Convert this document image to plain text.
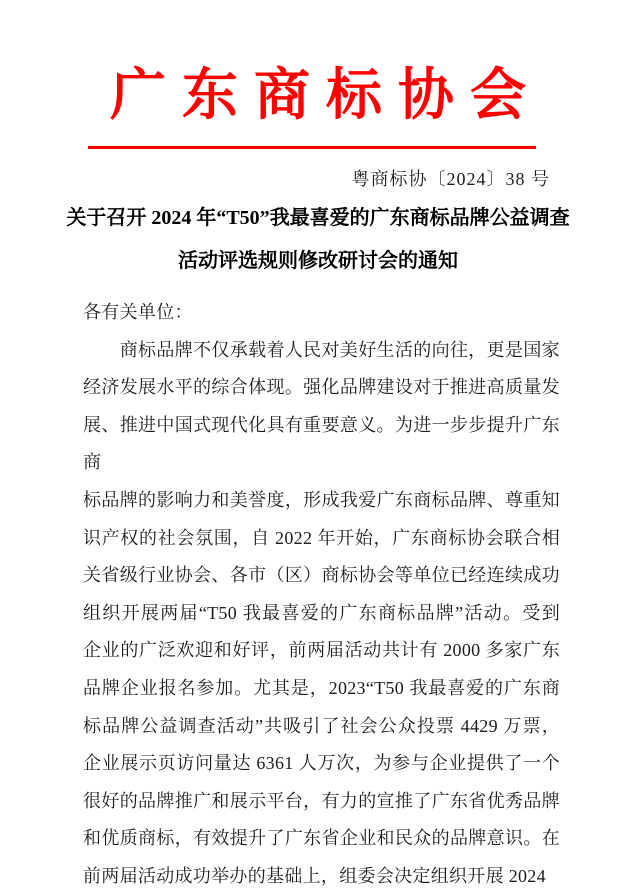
广东商标协会
粤商标协〔2024〕38 号
关于召开 2024 年“T50”我最喜爱的广东商标品牌公益调查
活动评选规则修改研讨会的通知
各有关单位：
　　商标品牌不仅承载着人民对美好生活的向往，更是国家
经济发展水平的综合体现。强化品牌建设对于推进高质量发
展、推进中国式现代化具有重要意义。为进一步步提升广东商
标品牌的影响力和美誉度，形成我爱广东商标品牌、尊重知
识产权的社会氛围，自 2022 年开始，广东商标协会联合相
关省级行业协会、各市（区）商标协会等单位已经连续成功
组织开展两届“T50 我最喜爱的广东商标品牌”活动。受到
企业的广泛欢迎和好评，前两届活动共计有 2000 多家广东
品牌企业报名参加。尤其是，2023“T50 我最喜爱的广东商
标品牌公益调查活动”共吸引了社会公众投票 4429 万票，
企业展示页访问量达 6361 人万次，为参与企业提供了一个
很好的品牌推广和展示平台，有力的宣推了广东省优秀品牌
和优质商标，有效提升了广东省企业和民众的品牌意识。在
前两届活动成功举办的基础上，组委会决定组织开展 2024
